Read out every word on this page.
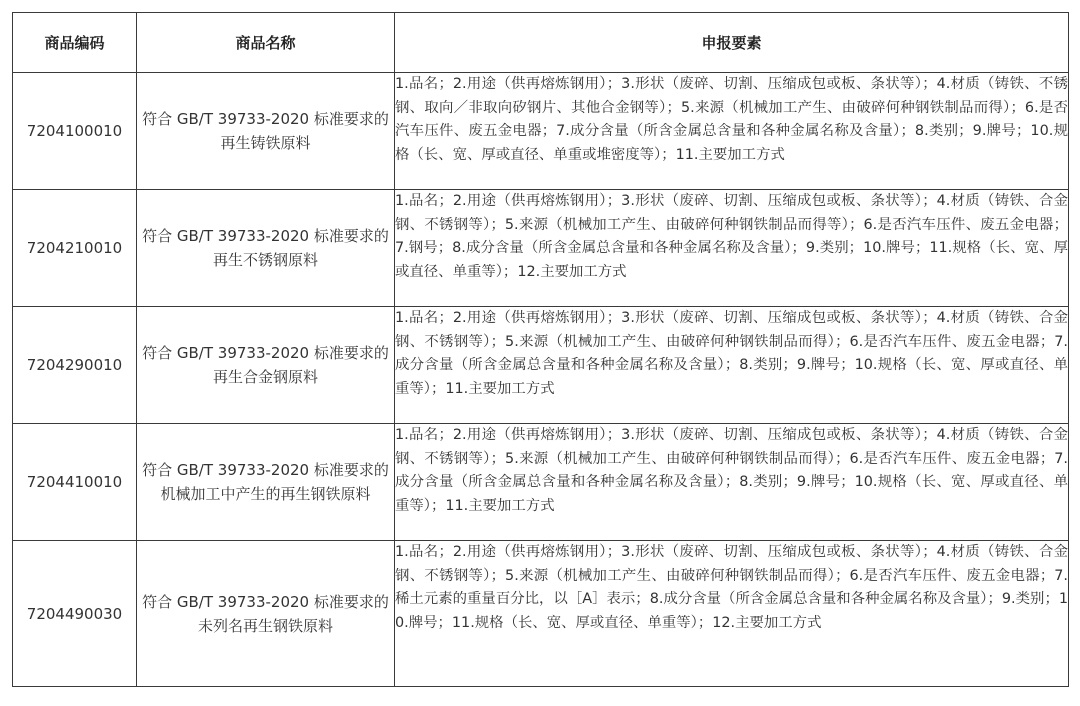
商品编码	商品名称	申报要素
7204100010	符合 GB/T 39733-2020 标准要求的再生铸铁原料	1.品名；2.用途（供再熔炼钢用）；3.形状（废碎、切割、压缩成包或板、条状等）；4.材质（铸铁、不锈钢、取向／非取向矽钢片、其他合金钢等）；5.来源（机械加工产生、由破碎何种钢铁制品而得）；6.是否汽车压件、废五金电器；7.成分含量（所含金属总含量和各种金属名称及含量）；8.类别；9.牌号；10.规格（长、宽、厚或直径、单重或堆密度等）；11.主要加工方式
7204210010	符合 GB/T 39733-2020 标准要求的再生不锈钢原料	1.品名；2.用途（供再熔炼钢用）；3.形状（废碎、切割、压缩成包或板、条状等）；4.材质（铸铁、合金钢、不锈钢等）；5.来源（机械加工产生、由破碎何种钢铁制品而得等）；6.是否汽车压件、废五金电器；7.钢号；8.成分含量（所含金属总含量和各种金属名称及含量）；9.类别；10.牌号；11.规格（长、宽、厚或直径、单重等）；12.主要加工方式
7204290010	符合 GB/T 39733-2020 标准要求的再生合金钢原料	1.品名；2.用途（供再熔炼钢用）；3.形状（废碎、切割、压缩成包或板、条状等）；4.材质（铸铁、合金钢、不锈钢等）；5.来源（机械加工产生、由破碎何种钢铁制品而得）；6.是否汽车压件、废五金电器；7.成分含量（所含金属总含量和各种金属名称及含量）；8.类别；9.牌号；10.规格（长、宽、厚或直径、单重等）；11.主要加工方式
7204410010	符合 GB/T 39733-2020 标准要求的机械加工中产生的再生钢铁原料	1.品名；2.用途（供再熔炼钢用）；3.形状（废碎、切割、压缩成包或板、条状等）；4.材质（铸铁、合金钢、不锈钢等）；5.来源（机械加工产生、由破碎何种钢铁制品而得）；6.是否汽车压件、废五金电器；7.成分含量（所含金属总含量和各种金属名称及含量）；8.类别；9.牌号；10.规格（长、宽、厚或直径、单重等）；11.主要加工方式
7204490030	符合 GB/T 39733-2020 标准要求的未列名再生钢铁原料	1.品名；2.用途（供再熔炼钢用）；3.形状（废碎、切割、压缩成包或板、条状等）；4.材质（铸铁、合金钢、不锈钢等）；5.来源（机械加工产生、由破碎何种钢铁制品而得）；6.是否汽车压件、废五金电器；7.稀土元素的重量百分比，以［A］表示；8.成分含量（所含金属总含量和各种金属名称及含量）；9.类别；10.牌号；11.规格（长、宽、厚或直径、单重等）；12.主要加工方式
